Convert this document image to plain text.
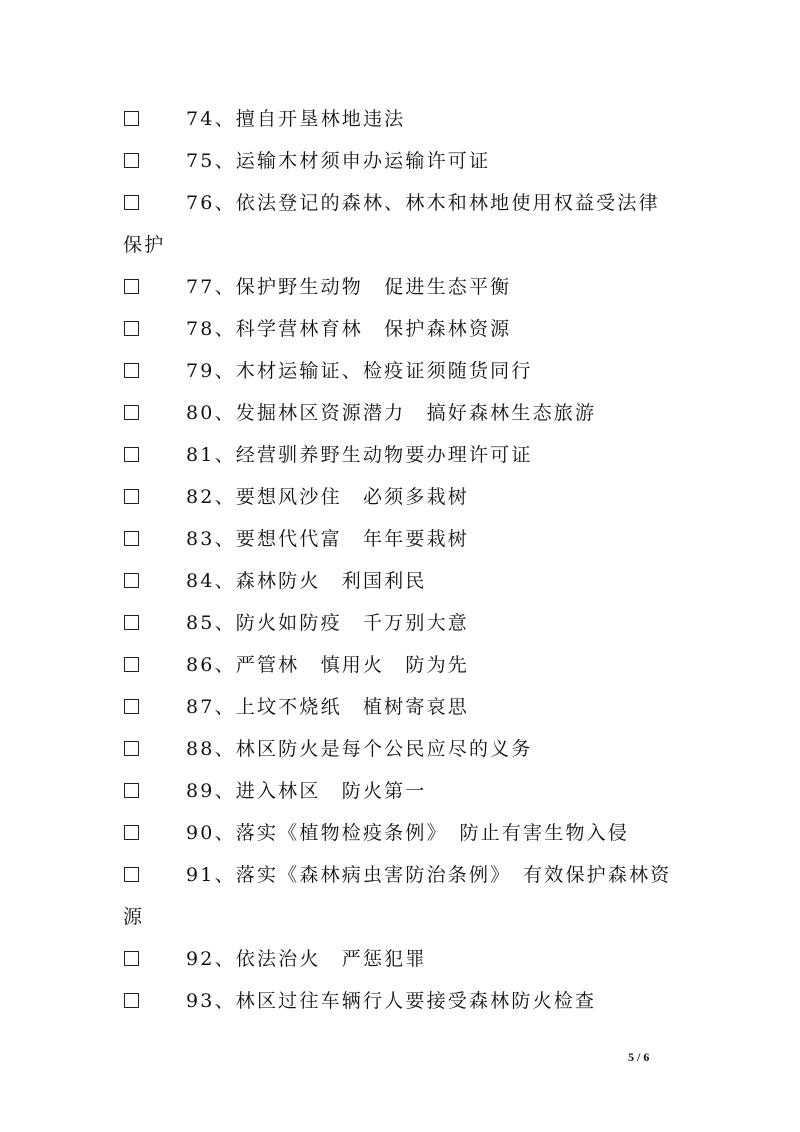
74、擅自开垦林地违法
75、运输木材须申办运输许可证
76、依法登记的森林、林木和林地使用权益受法律
保护
77、保护野生动物　促进生态平衡
78、科学营林育林　保护森林资源
79、木材运输证、检疫证须随货同行
80、发掘林区资源潜力　搞好森林生态旅游
81、经营驯养野生动物要办理许可证
82、要想风沙住　必须多栽树
83、要想代代富　年年要栽树
84、森林防火　利国利民
85、防火如防疫　千万别大意
86、严管林　慎用火　防为先
87、上坟不烧纸　植树寄哀思
88、林区防火是每个公民应尽的义务
89、进入林区　防火第一
90、落实《植物检疫条例》　防止有害生物入侵
91、落实《森林病虫害防治条例》　有效保护森林资
源
92、依法治火　严惩犯罪
93、林区过往车辆行人要接受森林防火检查
5 / 6
